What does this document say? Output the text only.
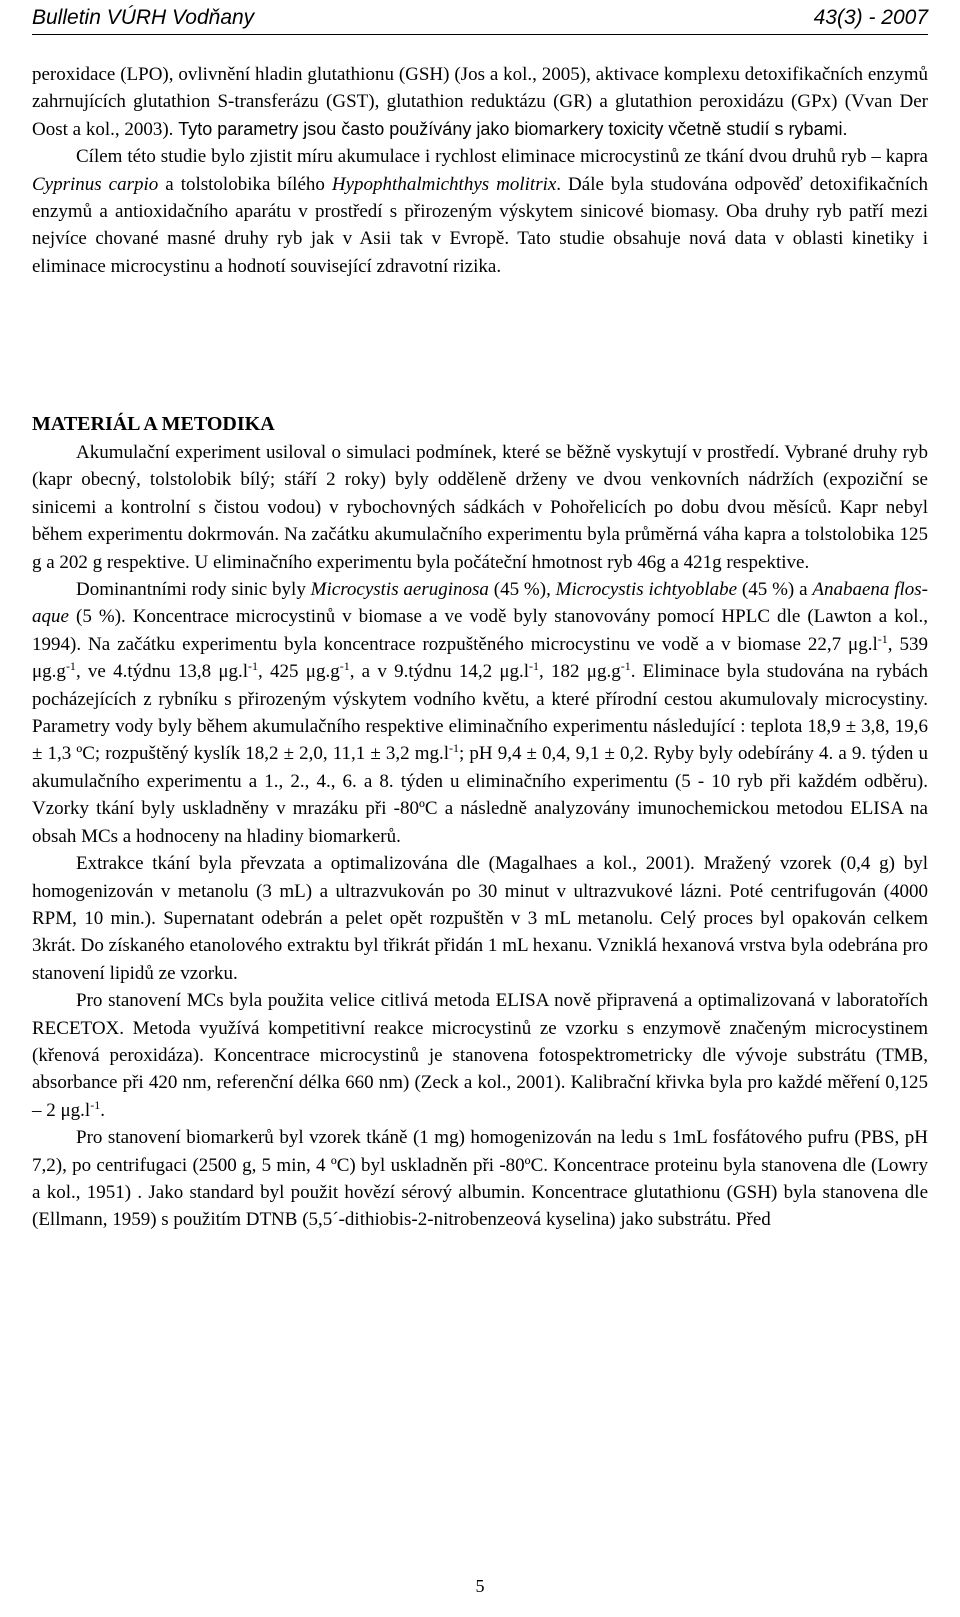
Bulletin VÚRH Vodňany	43(3) - 2007

peroxidace (LPO), ovlivnění hladin glutathionu (GSH) (Jos a kol., 2005), aktivace komplexu detoxifikačních enzymů zahrnujících glutathion S-transferázu (GST), glutathion reduktázu (GR) a glutathion peroxidázu (GPx) (Vvan Der Oost a kol., 2003). Tyto parametry jsou často používány jako biomarkery toxicity včetně studií s rybami.

Cílem této studie bylo zjistit míru akumulace i rychlost eliminace microcystinů ze tkání dvou druhů ryb – kapra Cyprinus carpio a tolstolobika bílého Hypophthalmichthys molitrix. Dále byla studována odpověď detoxifikačních enzymů a antioxidačního aparátu v prostředí s přirozeným výskytem sinicové biomasy. Oba druhy ryb patří mezi nejvíce chované masné druhy ryb jak v Asii tak v Evropě. Tato studie obsahuje nová data v oblasti kinetiky i eliminace microcystinu a hodnotí související zdravotní rizika.

MATERIÁL A METODIKA

Akumulační experiment usiloval o simulaci podmínek, které se běžně vyskytují v prostředí. Vybrané druhy ryb (kapr obecný, tolstolobik bílý; stáří 2 roky) byly odděleně drženy ve dvou venkovních nádržích (expoziční se sinicemi a kontrolní s čistou vodou) v rybochovných sádkách v Pohořelicích po dobu dvou měsíců. Kapr nebyl během experimentu dokrmován. Na začátku akumulačního experimentu byla průměrná váha kapra a tolstolobika 125 g a 202 g respektive. U eliminačního experimentu byla počáteční hmotnost ryb 46g a 421g respektive.

Dominantními rody sinic byly Microcystis aeruginosa (45 %), Microcystis ichtyoblabe (45 %) a Anabaena flos-aque (5 %). Koncentrace microcystinů v biomase a ve vodě byly stanovovány pomocí HPLC dle (Lawton a kol., 1994). Na začátku experimentu byla koncentrace rozpuštěného microcystinu ve vodě a v biomase 22,7 $\mu g.l^{-1}$, 539 $\mu g.g^{-1}$, ve 4.týdnu 13,8 $\mu g.l^{-1}$, 425 $\mu g.g^{-1}$, a v 9.týdnu 14,2 $\mu g.l^{-1}$, 182 $\mu g.g^{-1}$. Eliminace byla studována na rybách pocházejících z rybníku s přirozeným výskytem vodního květu, a které přírodní cestou akumulovaly microcystiny. Parametry vody byly během akumulačního respektive eliminačního experimentu následující : teplota 18,9 ± 3,8, 19,6 ± 1,3 ºC; rozpuštěný kyslík 18,2 ± 2,0, 11,1 ± 3,2 $mg.l^{-1}$; pH 9,4 ± 0,4, 9,1 ± 0,2. Ryby byly odebírány 4. a 9. týden u akumulačního experimentu a 1., 2., 4., 6. a 8. týden u eliminačního experimentu (5 - 10 ryb při každém odběru). Vzorky tkání byly uskladněny v mrazáku při -80ºC a následně analyzovány imunochemickou metodou ELISA na obsah MCs a hodnoceny na hladiny biomarkerů.

Extrakce tkání byla převzata a optimalizována dle (Magalhaes a kol., 2001). Mražený vzorek (0,4 g) byl homogenizován v metanolu (3 mL) a ultrazvukován po 30 minut v ultrazvukové lázni. Poté centrifugován (4000 RPM, 10 min.). Supernatant odebrán a pelet opět rozpuštěn v 3 mL metanolu. Celý proces byl opakován celkem 3krát. Do získaného etanolového extraktu byl třikrát přidán 1 mL hexanu. Vzniklá hexanová vrstva byla odebrána pro stanovení lipidů ze vzorku.

Pro stanovení MCs byla použita velice citlivá metoda ELISA nově připravená a optimalizovaná v laboratořích RECETOX. Metoda využívá kompetitivní reakce microcystinů ze vzorku s enzymově značeným microcystinem (křenová peroxidáza). Koncentrace microcystinů je stanovena fotospektrometricky dle vývoje substrátu (TMB, absorbance při 420 nm, referenční délka 660 nm) (Zeck a kol., 2001). Kalibrační křivka byla pro každé měření 0,125 – 2 $\mu g.l^{-1}$.

Pro stanovení biomarkerů byl vzorek tkáně (1 mg) homogenizován na ledu s 1mL fosfátového pufru (PBS, pH 7,2), po centrifugaci (2500 g, 5 min, 4 ºC) byl uskladněn při -80ºC. Koncentrace proteinu byla stanovena dle (Lowry a kol., 1951) . Jako standard byl použit hovězí sérový albumin. Koncentrace glutathionu (GSH) byla stanovena dle (Ellmann, 1959) s použitím DTNB (5,5´-dithiobis-2-nitrobenzeová kyselina) jako substrátu. Před

5
